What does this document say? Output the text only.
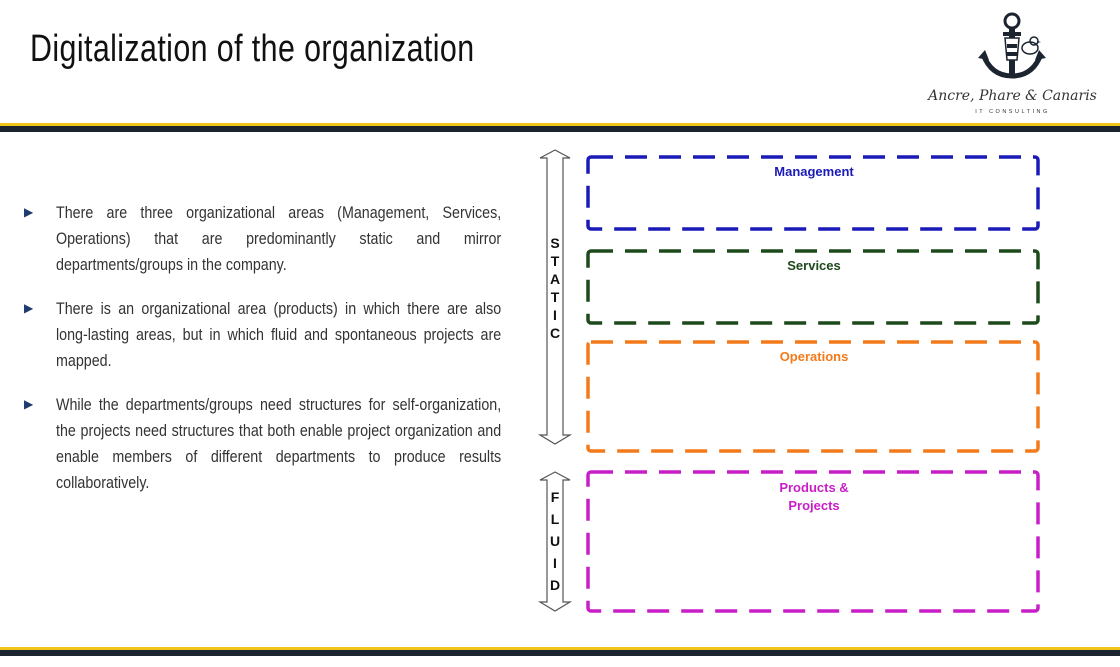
Digitalization of the organization
Ancre, Phare & Canaris
IT CONSULTING
▶ There are three organizational areas (Management, Services, Operations) that are predominantly static and mirror departments/groups in the company.
▶ There is an organizational area (products) in which there are also long-lasting areas, but in which fluid and spontaneous projects are mapped.
▶ While the departments/groups need structures for self-organization, the projects need structures that both enable project organization and enable members of different departments to produce results collaboratively.
S
T
A
T
I
C
F
L
U
I
D
Management
Services
Operations
Products &
Projects
